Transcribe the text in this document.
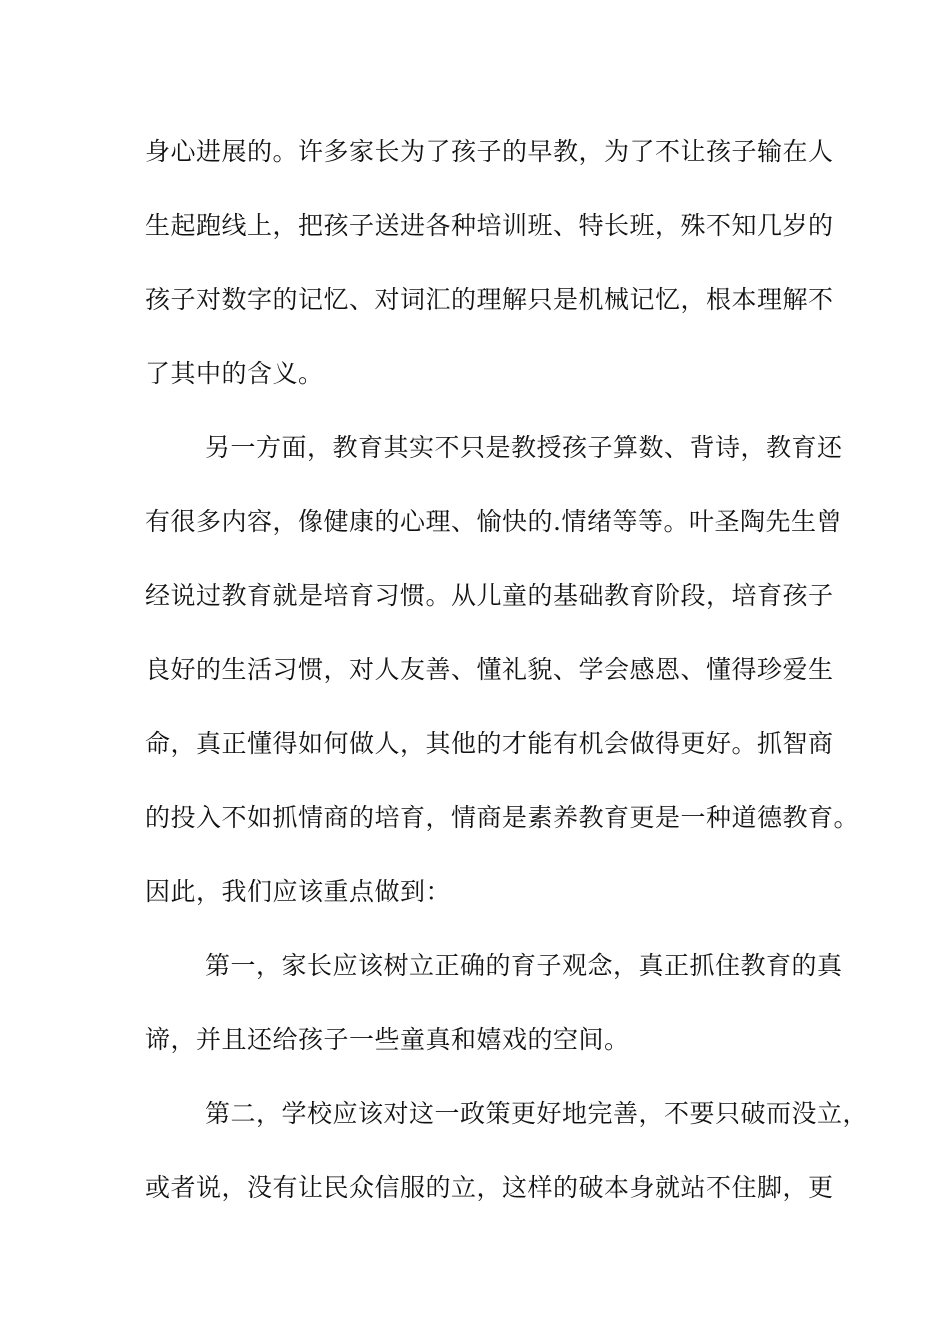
身心进展的。许多家长为了孩子的早教，为了不让孩子输在人
生起跑线上，把孩子送进各种培训班、特长班，殊不知几岁的
孩子对数字的记忆、对词汇的理解只是机械记忆，根本理解不
了其中的含义。
另一方面，教育其实不只是教授孩子算数、背诗，教育还
有很多内容，像健康的心理、愉快的.情绪等等。叶圣陶先生曾
经说过教育就是培育习惯。从儿童的基础教育阶段，培育孩子
良好的生活习惯，对人友善、懂礼貌、学会感恩、懂得珍爱生
命，真正懂得如何做人，其他的才能有机会做得更好。抓智商
的投入不如抓情商的培育，情商是素养教育更是一种道德教育。
因此，我们应该重点做到：
第一，家长应该树立正确的育子观念，真正抓住教育的真
谛，并且还给孩子一些童真和嬉戏的空间。
第二，学校应该对这一政策更好地完善，不要只破而没立，
或者说，没有让民众信服的立，这样的破本身就站不住脚，更
